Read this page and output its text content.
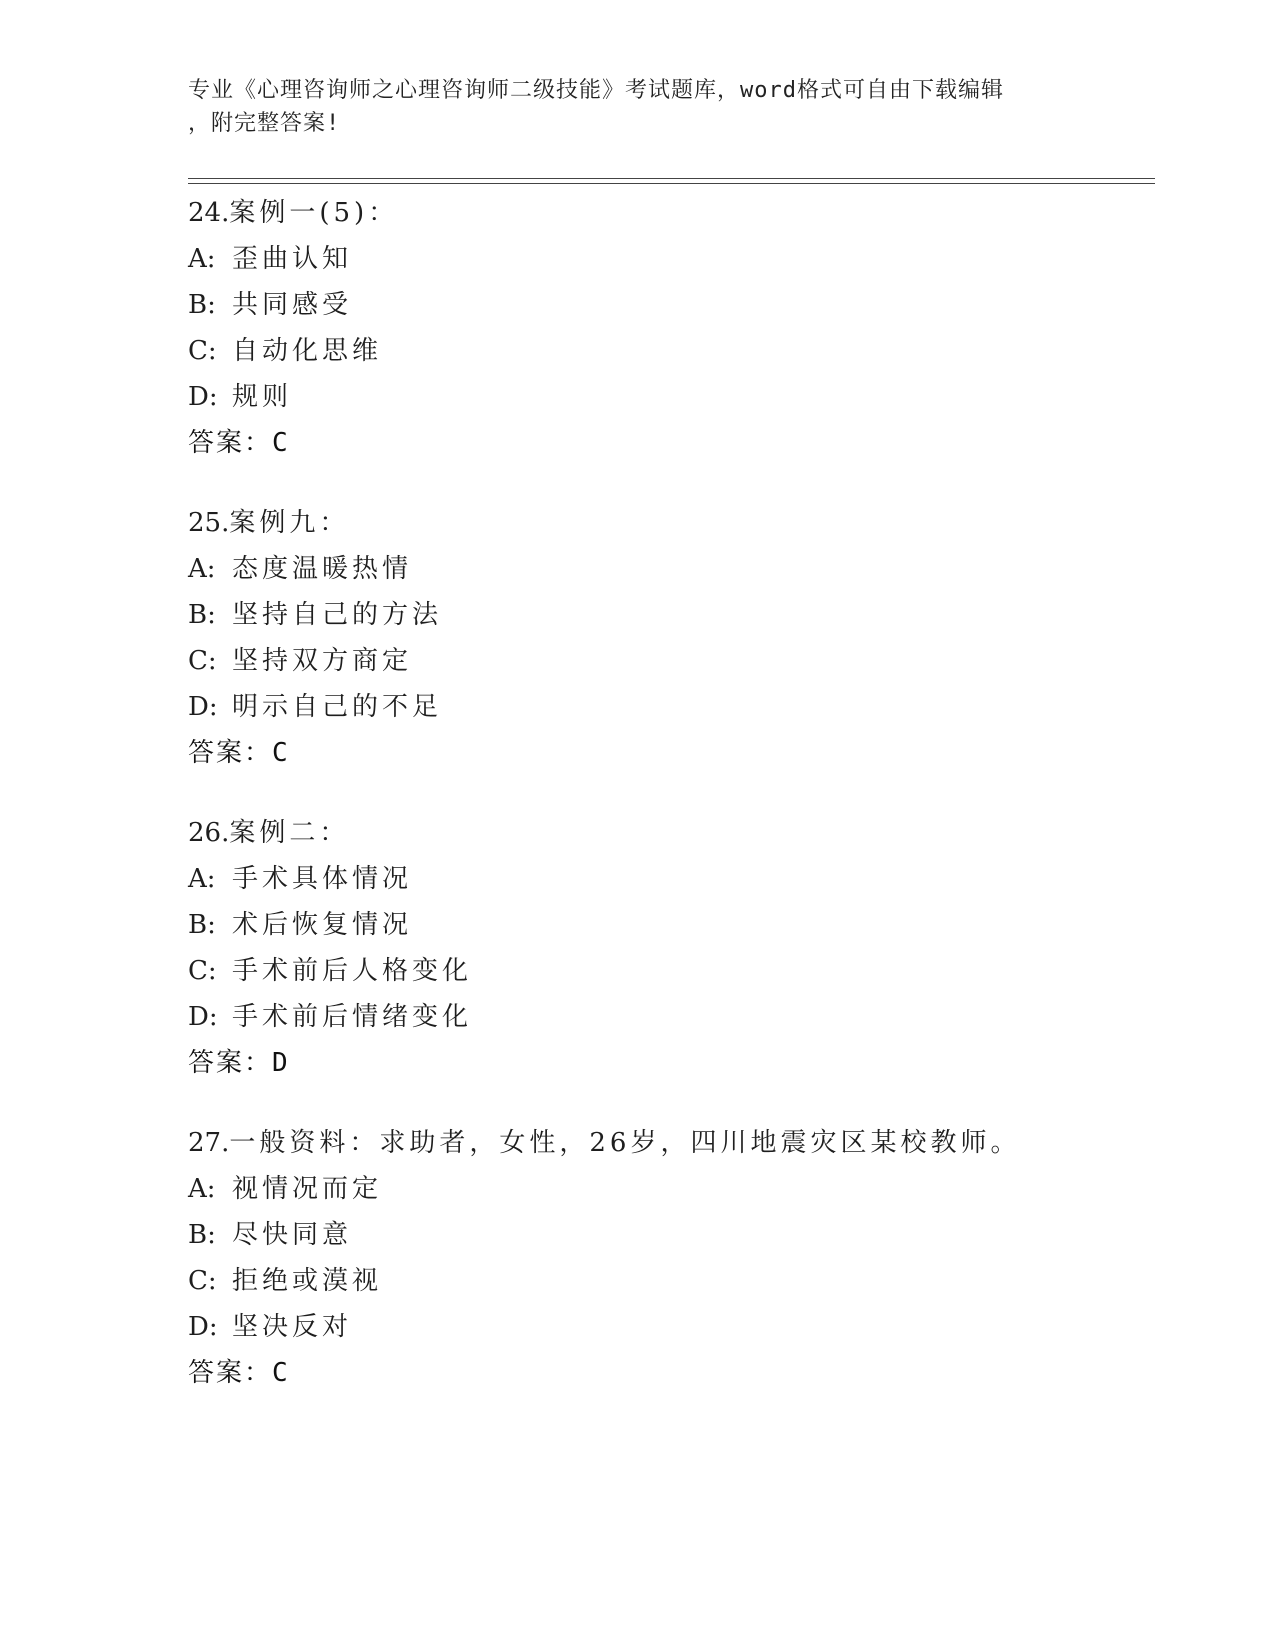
专业《心理咨询师之心理咨询师二级技能》考试题库，word格式可自由下载编辑
，附完整答案!
24.案例一(5)：
A: 歪曲认知
B: 共同感受
C: 自动化思维
D: 规则
答案：C
25.案例九：
A: 态度温暖热情
B: 坚持自己的方法
C: 坚持双方商定
D: 明示自己的不足
答案：C
26.案例二：
A: 手术具体情况
B: 术后恢复情况
C: 手术前后人格变化
D: 手术前后情绪变化
答案：D
27.一般资料：求助者，女性，26岁，四川地震灾区某校教师。
A: 视情况而定
B: 尽快同意
C: 拒绝或漠视
D: 坚决反对
答案：C
